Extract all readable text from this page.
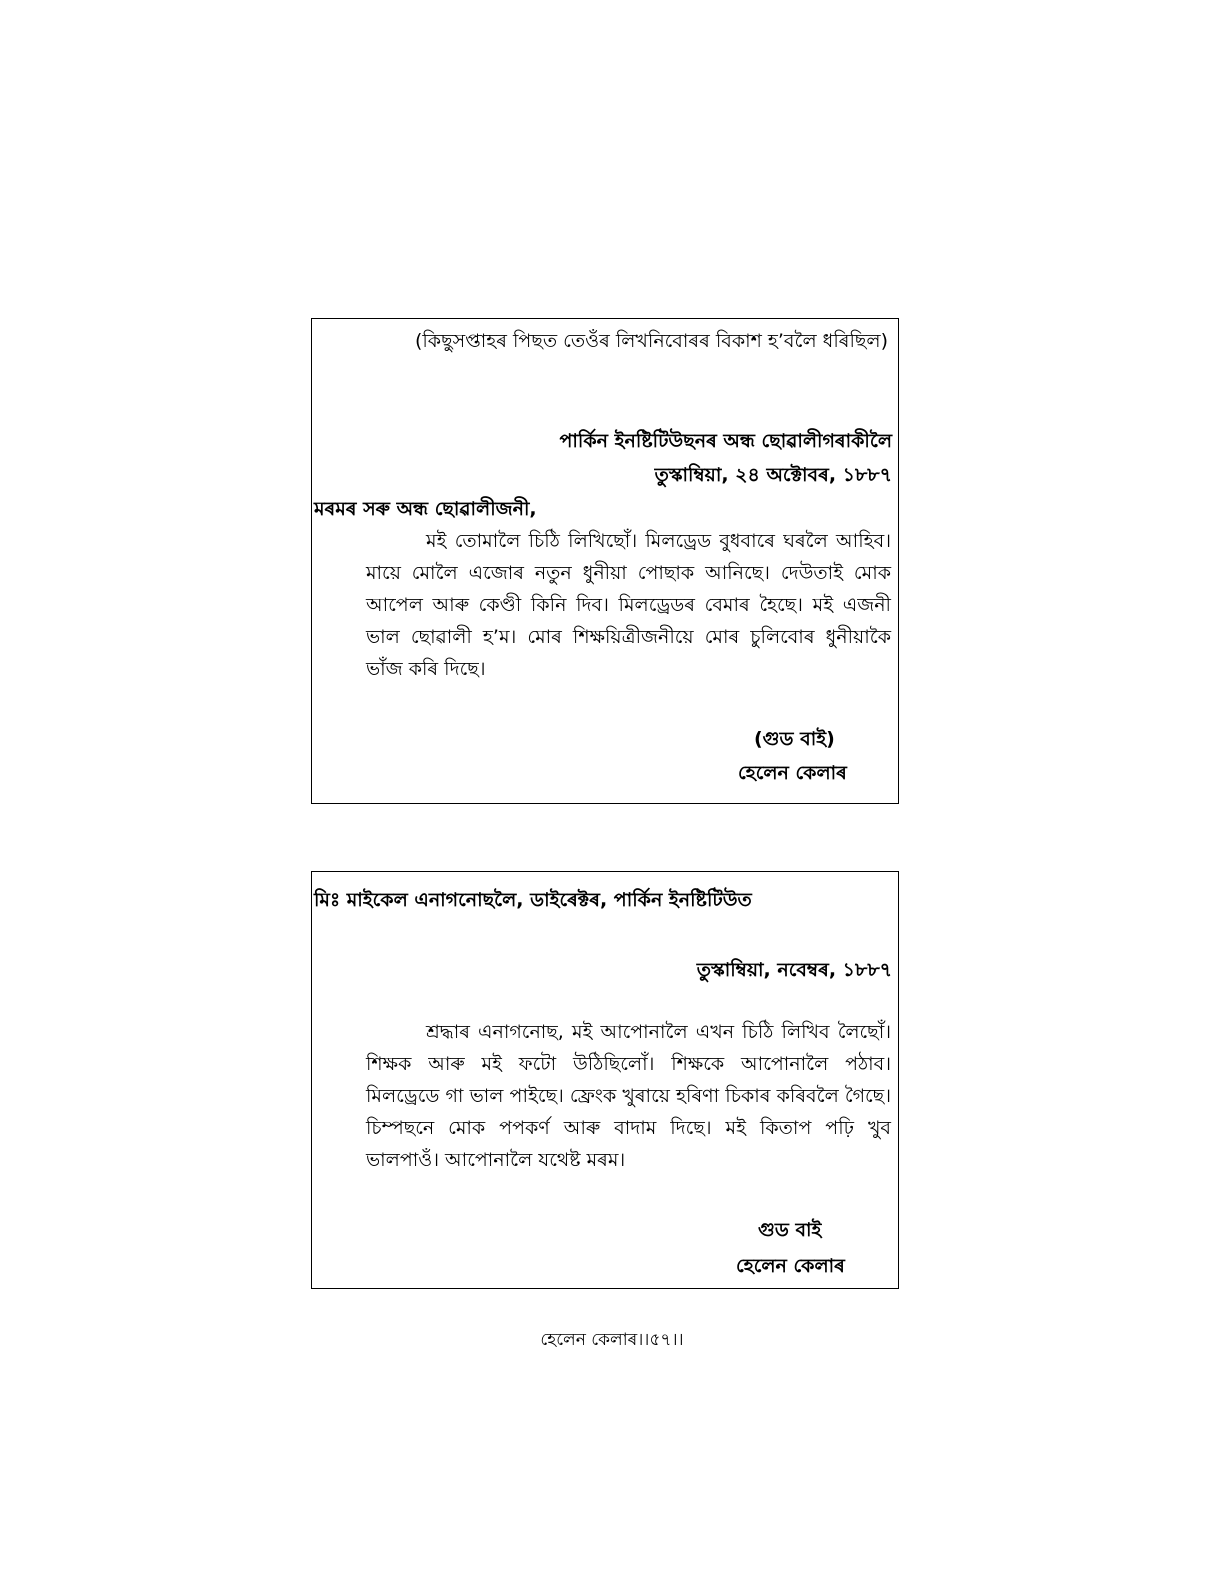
(কিছুসপ্তাহৰ পিছত তেওঁৰ লিখনিবোৰৰ বিকাশ হ’বলৈ ধৰিছিল)
পাৰ্কিন ইনষ্টিটিউছনৰ অন্ধ ছোৱালীগৰাকীলৈ
তুস্কাম্বিয়া, ২৪ অক্টোবৰ, ১৮৮৭
মৰমৰ সৰু অন্ধ ছোৱালীজনী,
মই তোমালৈ চিঠি লিখিছোঁ। মিলড্ৰেড বুধবাৰে ঘৰলৈ আহিব।
মায়ে মোলৈ এজোৰ নতুন ধুনীয়া পোছাক আনিছে। দেউতাই মোক
আপেল আৰু কেণ্ডী কিনি দিব। মিলড্ৰেডৰ বেমাৰ হৈছে। মই এজনী
ভাল ছোৱালী হ’ম। মোৰ শিক্ষয়িত্ৰীজনীয়ে মোৰ চুলিবোৰ ধুনীয়াকৈ
ভাঁজ কৰি দিছে।
(গুড বাই)
হেলেন কেলাৰ
মিঃ মাইকেল এনাগনোছলৈ, ডাইৰেক্টৰ, পাৰ্কিন ইনষ্টিটিউত
তুস্কাম্বিয়া, নবেম্বৰ, ১৮৮৭
শ্ৰদ্ধাৰ এনাগনোছ, মই আপোনালৈ এখন চিঠি লিখিব লৈছোঁ।
শিক্ষক আৰু মই ফটো উঠিছিলোঁ। শিক্ষকে আপোনালৈ পঠাব।
মিলড্ৰেডে গা ভাল পাইছে। ফ্ৰেংক খুৰায়ে হৰিণা চিকাৰ কৰিবলৈ গৈছে।
চিম্পছনে মোক পপকৰ্ণ আৰু বাদাম দিছে। মই কিতাপ পঢ়ি খুব
ভালপাওঁ। আপোনালৈ যথেষ্ট মৰম।
গুড বাই
হেলেন কেলাৰ
হেলেন কেলাৰ।।৫৭।।
